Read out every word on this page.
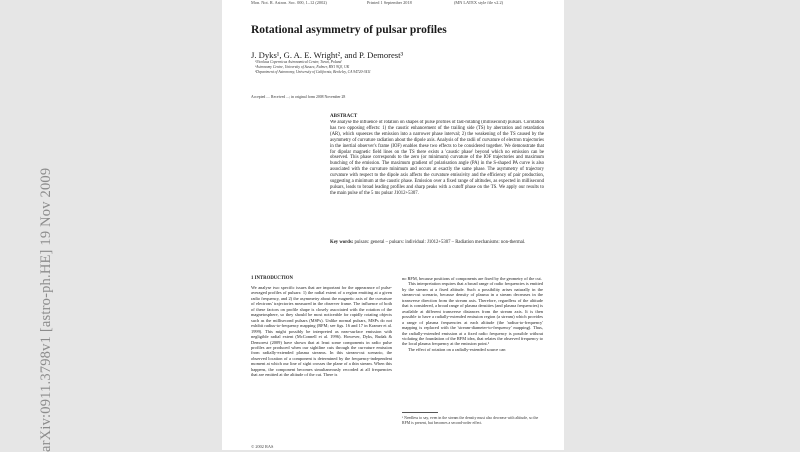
arXiv:0911.3798v1 [astro-ph.HE] 19 Nov 2009
Mon. Not. R. Astron. Soc. 000, 1–12 (2002)	Printed 1 September 2018	(MN LATEX style file v2.2)
Rotational asymmetry of pulsar profiles
J. Dyks¹, G. A. E. Wright², and P. Demorest³
¹Nicolaus Copernicus Astronomical Center, Toruń, Poland
²Astronomy Centre, University of Sussex, Falmer, BN1 9QJ, UK
³Department of Astronomy, University of California, Berkeley, CA 94720-3411
Accepted .... Received ...; in original form 2008 November 28
ABSTRACT
We analyse the influence of rotation on shapes of pulse profiles of fast-rotating (millisecond) pulsars. Corotation has two opposing effects: 1) the caustic enhancement of the trailing side (TS) by aberration and retardation (AR), which squeezes the emission into a narrower phase interval; 2) the weakening of the TS caused by the asymmetry of curvature radiation about the dipole axis. Analysis of the radii of curvature of electron trajectories in the inertial observer's frame (IOF) enables these two effects to be considered together. We demonstrate that for dipolar magnetic field lines on the TS there exists a 'caustic phase' beyond which no emission can be observed. This phase corresponds to the zero (or minimum) curvature of the IOF trajectories and maximum bunching of the emission. The maximum gradient of polarisation angle (PA) in the S-shaped PA curve is also associated with the curvature minimum and occurs at exactly the same phase. The asymmetry of trajectory curvature with respect to the dipole axis affects the curvature emissivity and the efficiency of pair production, suggesting a minimum at the caustic phase. Emission over a fixed range of altitudes, as expected in millisecond pulsars, leads to broad leading profiles and sharp peaks with a cutoff phase on the TS. We apply our results to the main pulse of the 5 ms pulsar J1012+5307.
Key words: pulsars: general – pulsars: individual: J1012+5307 – Radiation mechanisms: non-thermal.
1 INTRODUCTION

We analyse two specific issues that are important for the appearance of pulse-averaged profiles of pulsars: 1) the radial extent of a region emitting at a given radio frequency, and 2) the asymmetry about the magnetic axis of the curvature of electrons' trajectories measured in the observer frame. The influence of both of these factors on profile shape is closely associated with the rotation of the magnetosphere, so they should be most noticeable for rapidly rotating objects such as the millisecond pulsars (MSPs). Unlike normal pulsars, MSPs do not exhibit radius-to-frequency mapping (RFM; see figs. 16 and 17 in Kramer et al. 1999). This might possibly be interpreted as near-surface emission with negligible radial extent (McConnell et al. 1996). However, Dyks, Rudak & Demorest (2009) have shown that at least some components in radio pulse profiles are produced when our sightline cuts through the curvature emission from radially-extended plasma streams. In this stream-cut scenario, the observed location of a component is determined by the frequency-independent moment at which our line of sight crosses the plane of a thin stream. When this happens, the component becomes simultaneously recorded at all frequencies that are emitted at the altitude of the cut. There is

no RFM, because positions of components are fixed by the geometry of the cut.

This interpretation requires that a broad range of radio frequencies is emitted by the stream at a fixed altitude. Such a possibility arises naturally in the stream-cut scenario, because density of plasma in a stream decreases in the transverse direction from the stream axis. Therefore, regardless of the altitude that is considered, a broad range of plasma densities (and plasma frequencies) is available at different transverse distances from the stream axis. It is then possible to have a radially-extended emission region (a stream) which provides a range of plasma frequencies at each altitude (the 'radius-to-frequency' mapping is replaced with the 'stream-diameter-to-frequency' mapping). Thus, the radially-extended emission at a fixed radio frequency is possible without violating the foundation of the RFM idea, that relates the observed frequency to the local plasma frequency at the emission point.¹

The effect of rotation on a radially-extended source can

¹ Needless to say, even in the stream the density must also decrease with altitude, so the RFM is present, but becomes a second-order effect.
© 2002 RAS
